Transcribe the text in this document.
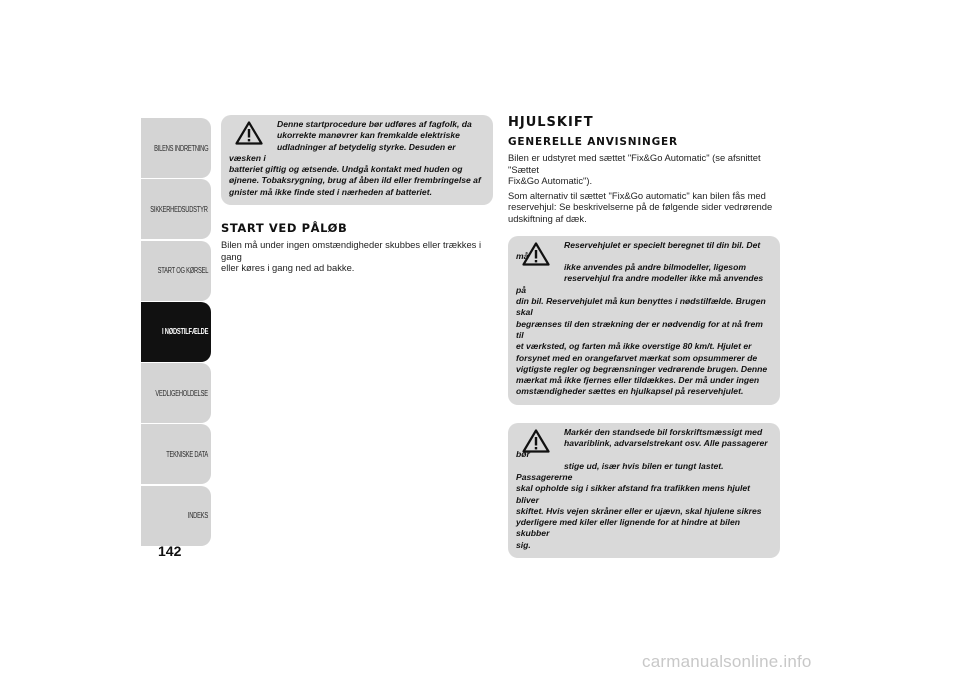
BILENS INDRETNING
SIKKERHEDSUDSTYR
START OG KØRSEL
I NØDSTILFÆLDE
VEDLIGEHOLDELSE
TEKNISKE DATA
INDEKS
142

Denne startprocedure bør udføres af fagfolk, da

ukorrekte manøvrer kan fremkalde elektriske

udladninger af betydelig styrke. Desuden er væsken i

batteriet giftig og ætsende. Undgå kontakt med huden og

øjnene. Tobaksrygning, brug af åben ild eller frembringelse af

gnister må ikke finde sted i nærheden af batteriet.

START VED PÅLØB

Bilen må under ingen omstændigheder skubbes eller trækkes i gang
eller køres i gang ned ad bakke.

HJULSKIFT
GENERELLE ANVISNINGER

Bilen er udstyret med sættet "Fix&Go Automatic" (se afsnittet "Sættet
Fix&Go Automatic").

Som alternativ til sættet "Fix&Go automatic" kan bilen fås med
reservehjul: Se beskrivelserne på de følgende sider vedrørende
udskiftning af dæk.

Reservehjulet er specielt beregnet til din bil. Det må

ikke anvendes på andre bilmodeller, ligesom

reservehjul fra andre modeller ikke må anvendes på

din bil. Reservehjulet må kun benyttes i nødstilfælde. Brugen skal

begrænses til den strækning der er nødvendig for at nå frem til

et værksted, og farten må ikke overstige 80 km/t. Hjulet er

forsynet med en orangefarvet mærkat som opsummerer de

vigtigste regler og begrænsninger vedrørende brugen. Denne

mærkat må ikke fjernes eller tildækkes. Der må under ingen

omstændigheder sættes en hjulkapsel på reservehjulet.

Markér den standsede bil forskriftsmæssigt med

havariblink, advarselstrekant osv. Alle passagerer bør

stige ud, især hvis bilen er tungt lastet. Passagererne

skal opholde sig i sikker afstand fra trafikken mens hjulet bliver

skiftet. Hvis vejen skråner eller er ujævn, skal hjulene sikres

yderligere med kiler eller lignende for at hindre at bilen skubber

sig.

carmanualsonline.info
